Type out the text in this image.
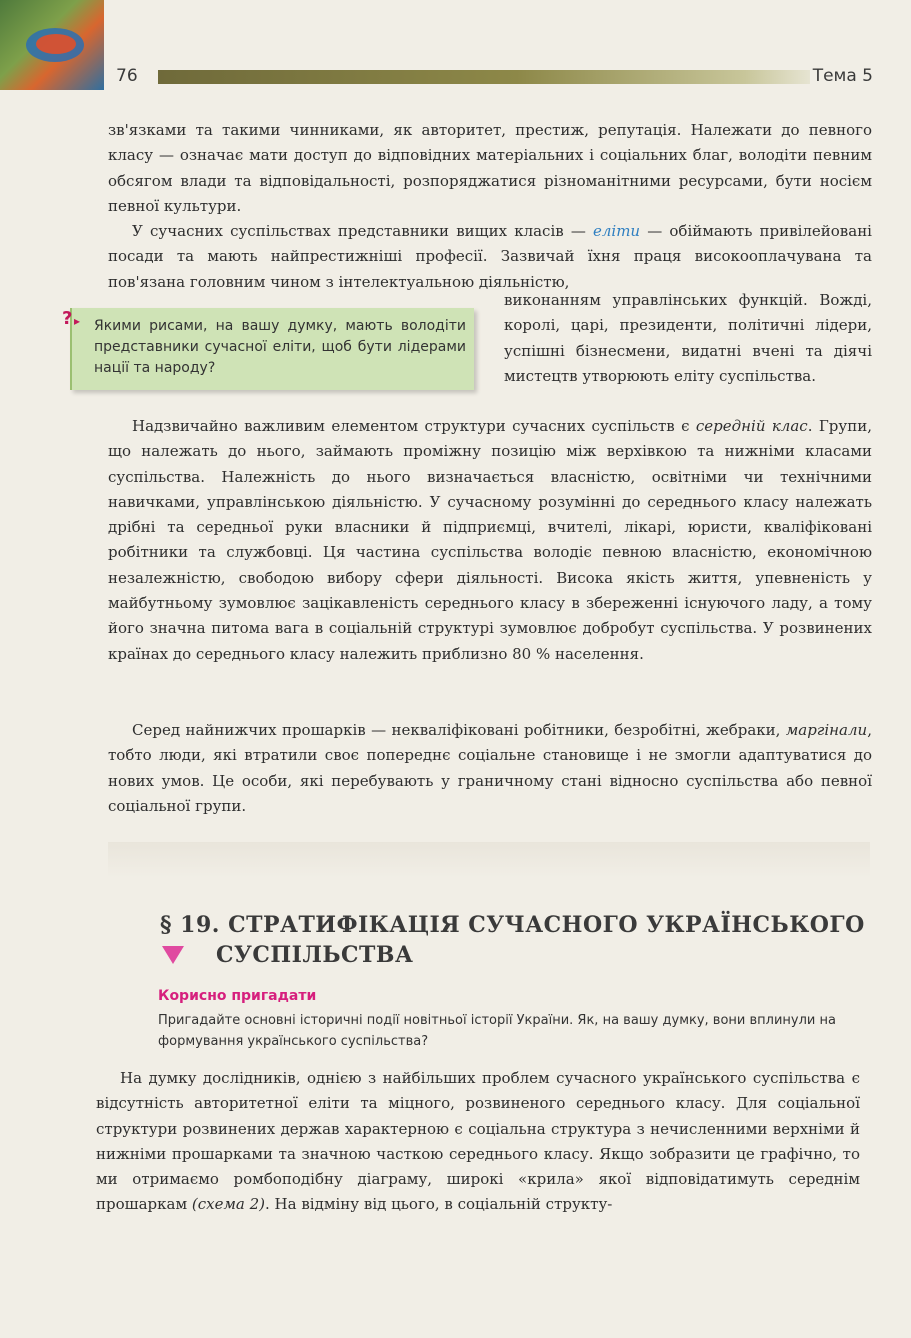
76	Тема 5

зв'язками та такими чинниками, як авторитет, престиж, репутація. Належати до певного класу — означає мати доступ до відповідних матеріальних і соціальних благ, володіти певним обсягом влади та відповідальності, розпоряджатися різноманітними ресурсами, бути носієм певної культури.

У сучасних суспільствах представники вищих класів — еліти — обіймають привілейовані посади та мають найпрестижніші професії. Зазвичай їхня праця високооплачувана та пов'язана головним чином з інтелектуальною діяльністю,

виконанням управлінських функцій. Вожді, королі, царі, президенти, політичні лідери, успішні бізнесмени, видатні вчені та діячі мистецтв утворюють еліту суспільства.

? ▸ Якими рисами, на вашу думку, мають володіти представники сучасної еліти, щоб бути лідерами нації та народу?

Надзвичайно важливим елементом структури сучасних суспільств є середній клас. Групи, що належать до нього, займають проміжну позицію між верхівкою та нижніми класами суспільства. Належність до нього визначається власністю, освітніми чи технічними навичками, управлінською діяльністю. У сучасному розумінні до середнього класу належать дрібні та середньої руки власники й підприємці, вчителі, лікарі, юристи, кваліфіковані робітники та службовці. Ця частина суспільства володіє певною власністю, економічною незалежністю, свободою вибору сфери діяльності. Висока якість життя, упевненість у майбутньому зумовлює зацікавленість середнього класу в збереженні існуючого ладу, а тому його значна питома вага в соціальній структурі зумовлює добробут суспільства. У розвинених країнах до середнього класу належить приблизно 80 % населення.

Серед найнижчих прошарків — некваліфіковані робітники, безробітні, жебраки, маргінали, тобто люди, які втратили своє попереднє соціальне становище і не змогли адаптуватися до нових умов. Це особи, які перебувають у граничному стані відносно суспільства або певної соціальної групи.

§ 19. СТРАТИФІКАЦІЯ СУЧАСНОГО УКРАЇНСЬКОГО
СУСПІЛЬСТВА
Корисно пригадати

Пригадайте основні історичні події новітньої історії України. Як, на вашу думку, вони вплинули на формування українського суспільства?

На думку дослідників, однією з найбільших проблем сучасного українського суспільства є відсутність авторитетної еліти та міцного, розвиненого середнього класу. Для соціальної структури розвинених держав характерною є соціальна структура з нечисленними верхніми й нижніми прошарками та значною часткою середнього класу. Якщо зобразити це графічно, то ми отримаємо ромбоподібну діаграму, широкі «крила» якої відповідатимуть середнім прошаркам (схема 2). На відміну від цього, в соціальній структу-
